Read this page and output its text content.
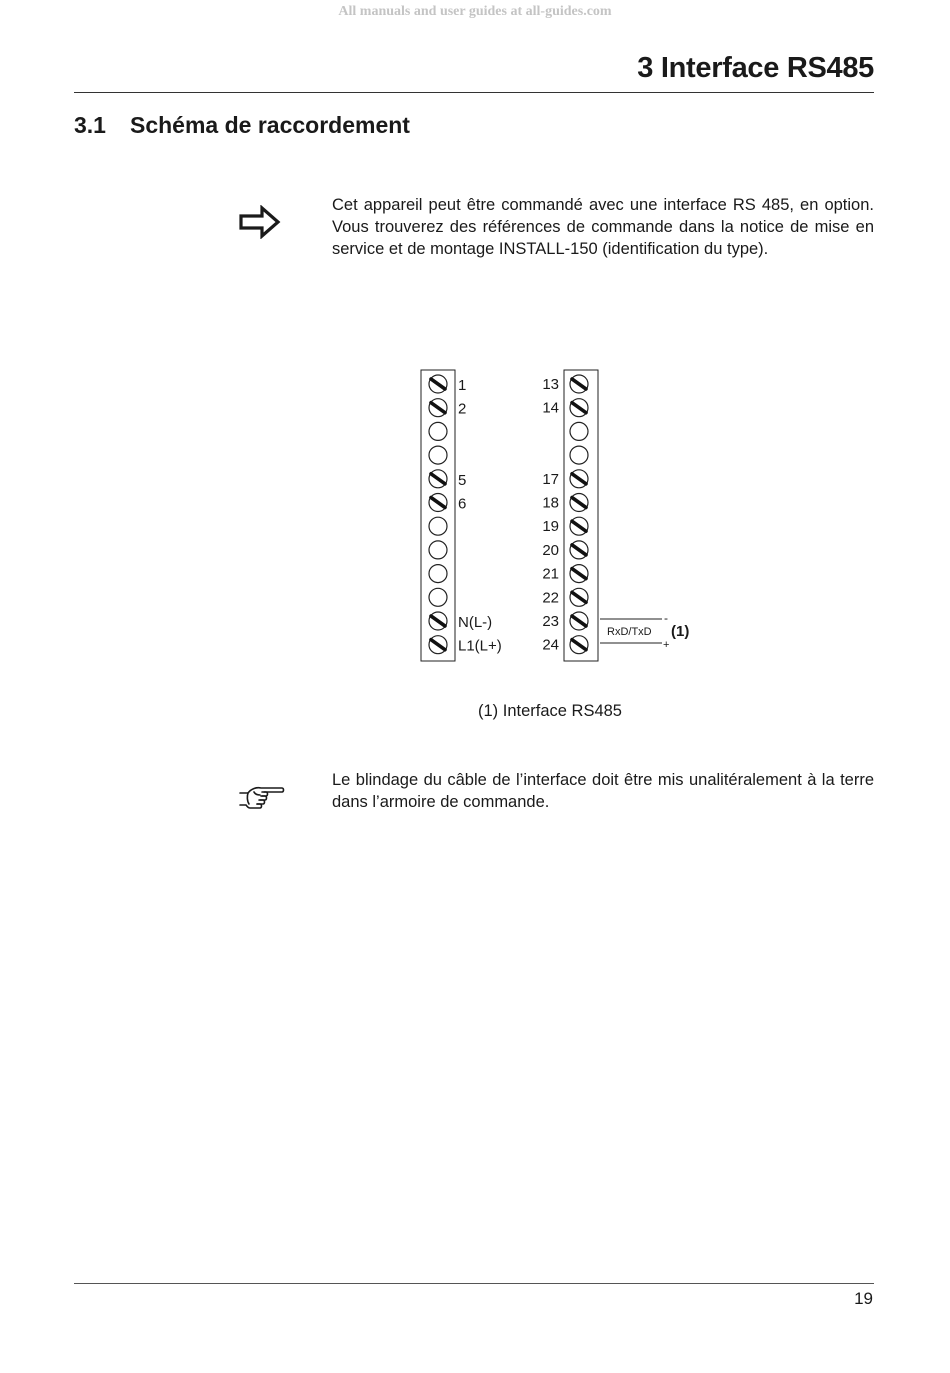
All manuals and user guides at all-guides.com
3 Interface RS485
3.1 Schéma de raccordement
Cet appareil peut être commandé avec une interface RS 485, en option. Vous trouverez des références de commande dans la notice de mise en service et de montage INSTALL-150 (identification du type).
1
2
5
6
N(L-)
L1(L+)
13
14
17
18
19
20
21
22
23
24
RxD/TxD
-
+
(1)
(1) Interface RS485
Le blindage du câble de l’interface doit être mis unalitéralement à la terre dans l’armoire de commande.
19
